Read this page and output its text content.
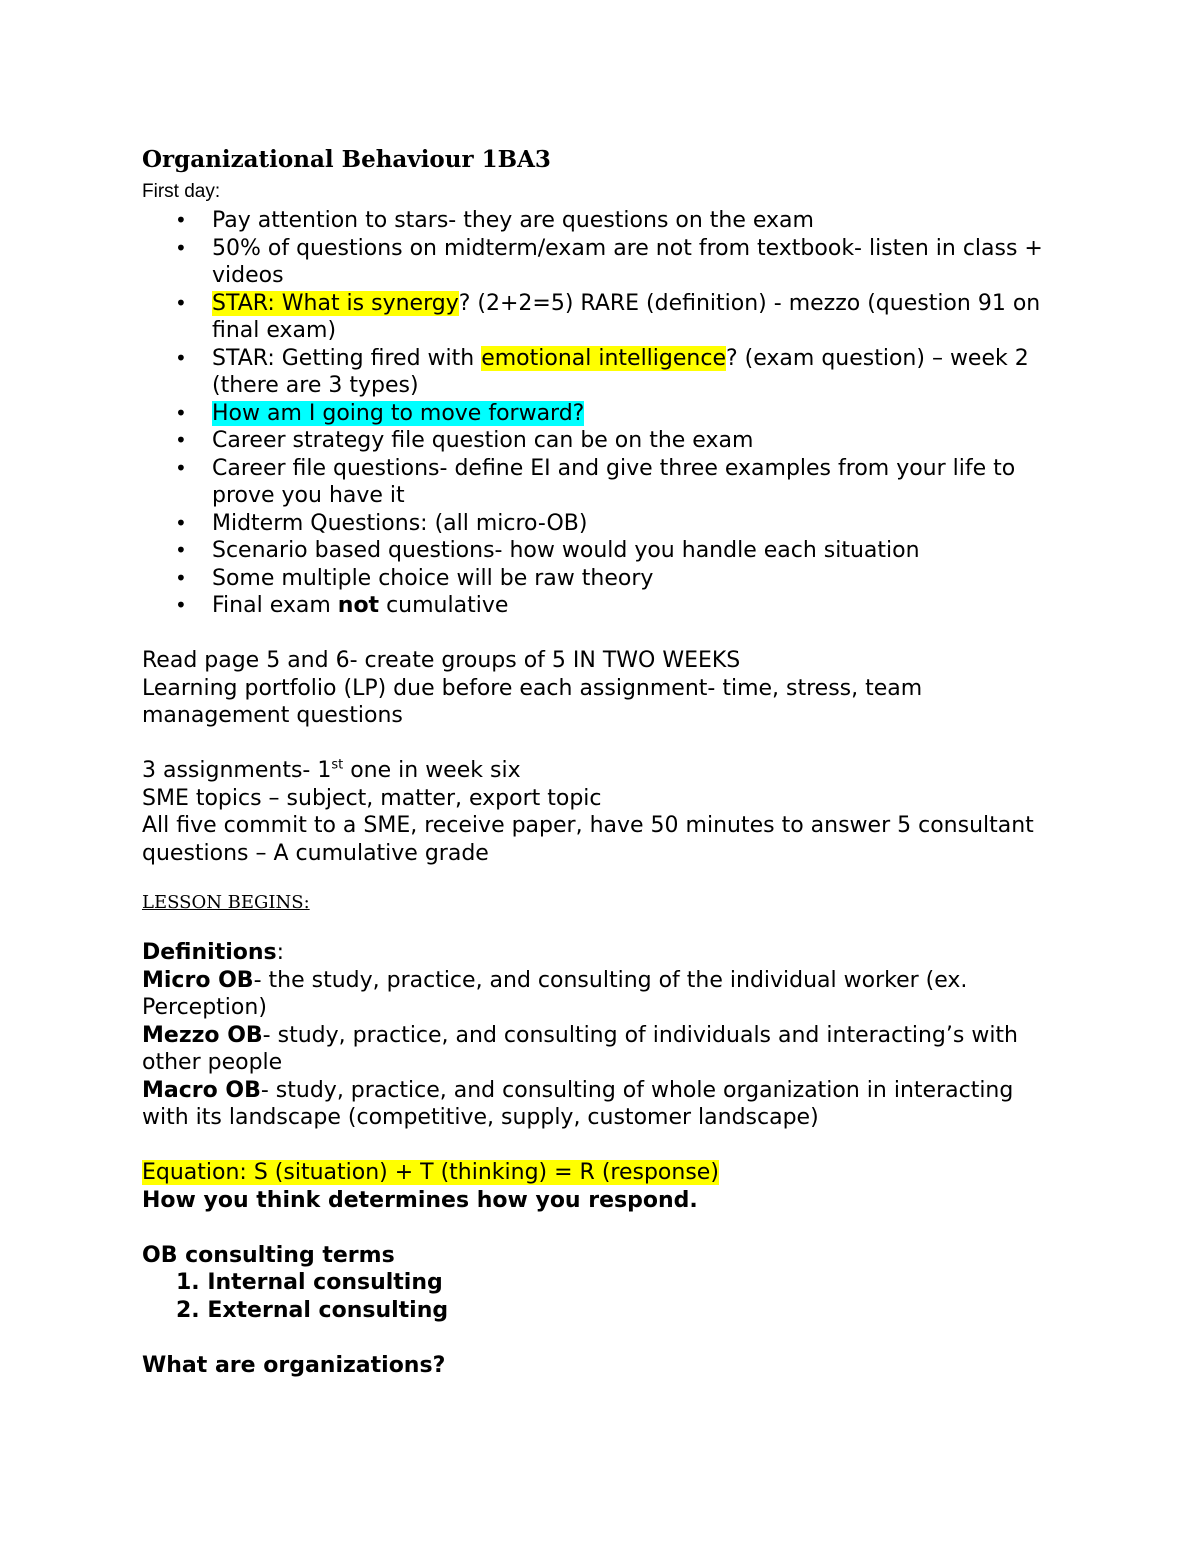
Organizational Behaviour 1BA3
First day:
• Pay attention to stars- they are questions on the exam
• 50% of questions on midterm/exam are not from textbook- listen in class + videos
• STAR: What is synergy? (2+2=5) RARE (definition) - mezzo (question 91 on final exam)
• STAR: Getting fired with emotional intelligence? (exam question) – week 2 (there are 3 types)
• How am I going to move forward?
• Career strategy file question can be on the exam
• Career file questions- define EI and give three examples from your life to prove you have it
• Midterm Questions: (all micro-OB)
• Scenario based questions- how would you handle each situation
• Some multiple choice will be raw theory
• Final exam not cumulative
Read page 5 and 6- create groups of 5 IN TWO WEEKS
Learning portfolio (LP) due before each assignment- time, stress, team management questions
3 assignments- 1st one in week six
SME topics – subject, matter, export topic
All five commit to a SME, receive paper, have 50 minutes to answer 5 consultant questions – A cumulative grade
LESSON BEGINS:
Definitions:
Micro OB- the study, practice, and consulting of the individual worker (ex. Perception)
Mezzo OB- study, practice, and consulting of individuals and interacting’s with other people
Macro OB- study, practice, and consulting of whole organization in interacting with its landscape (competitive, supply, customer landscape)
Equation: S (situation) + T (thinking) = R (response)
How you think determines how you respond.
OB consulting terms
1. Internal consulting
2. External consulting
What are organizations?
